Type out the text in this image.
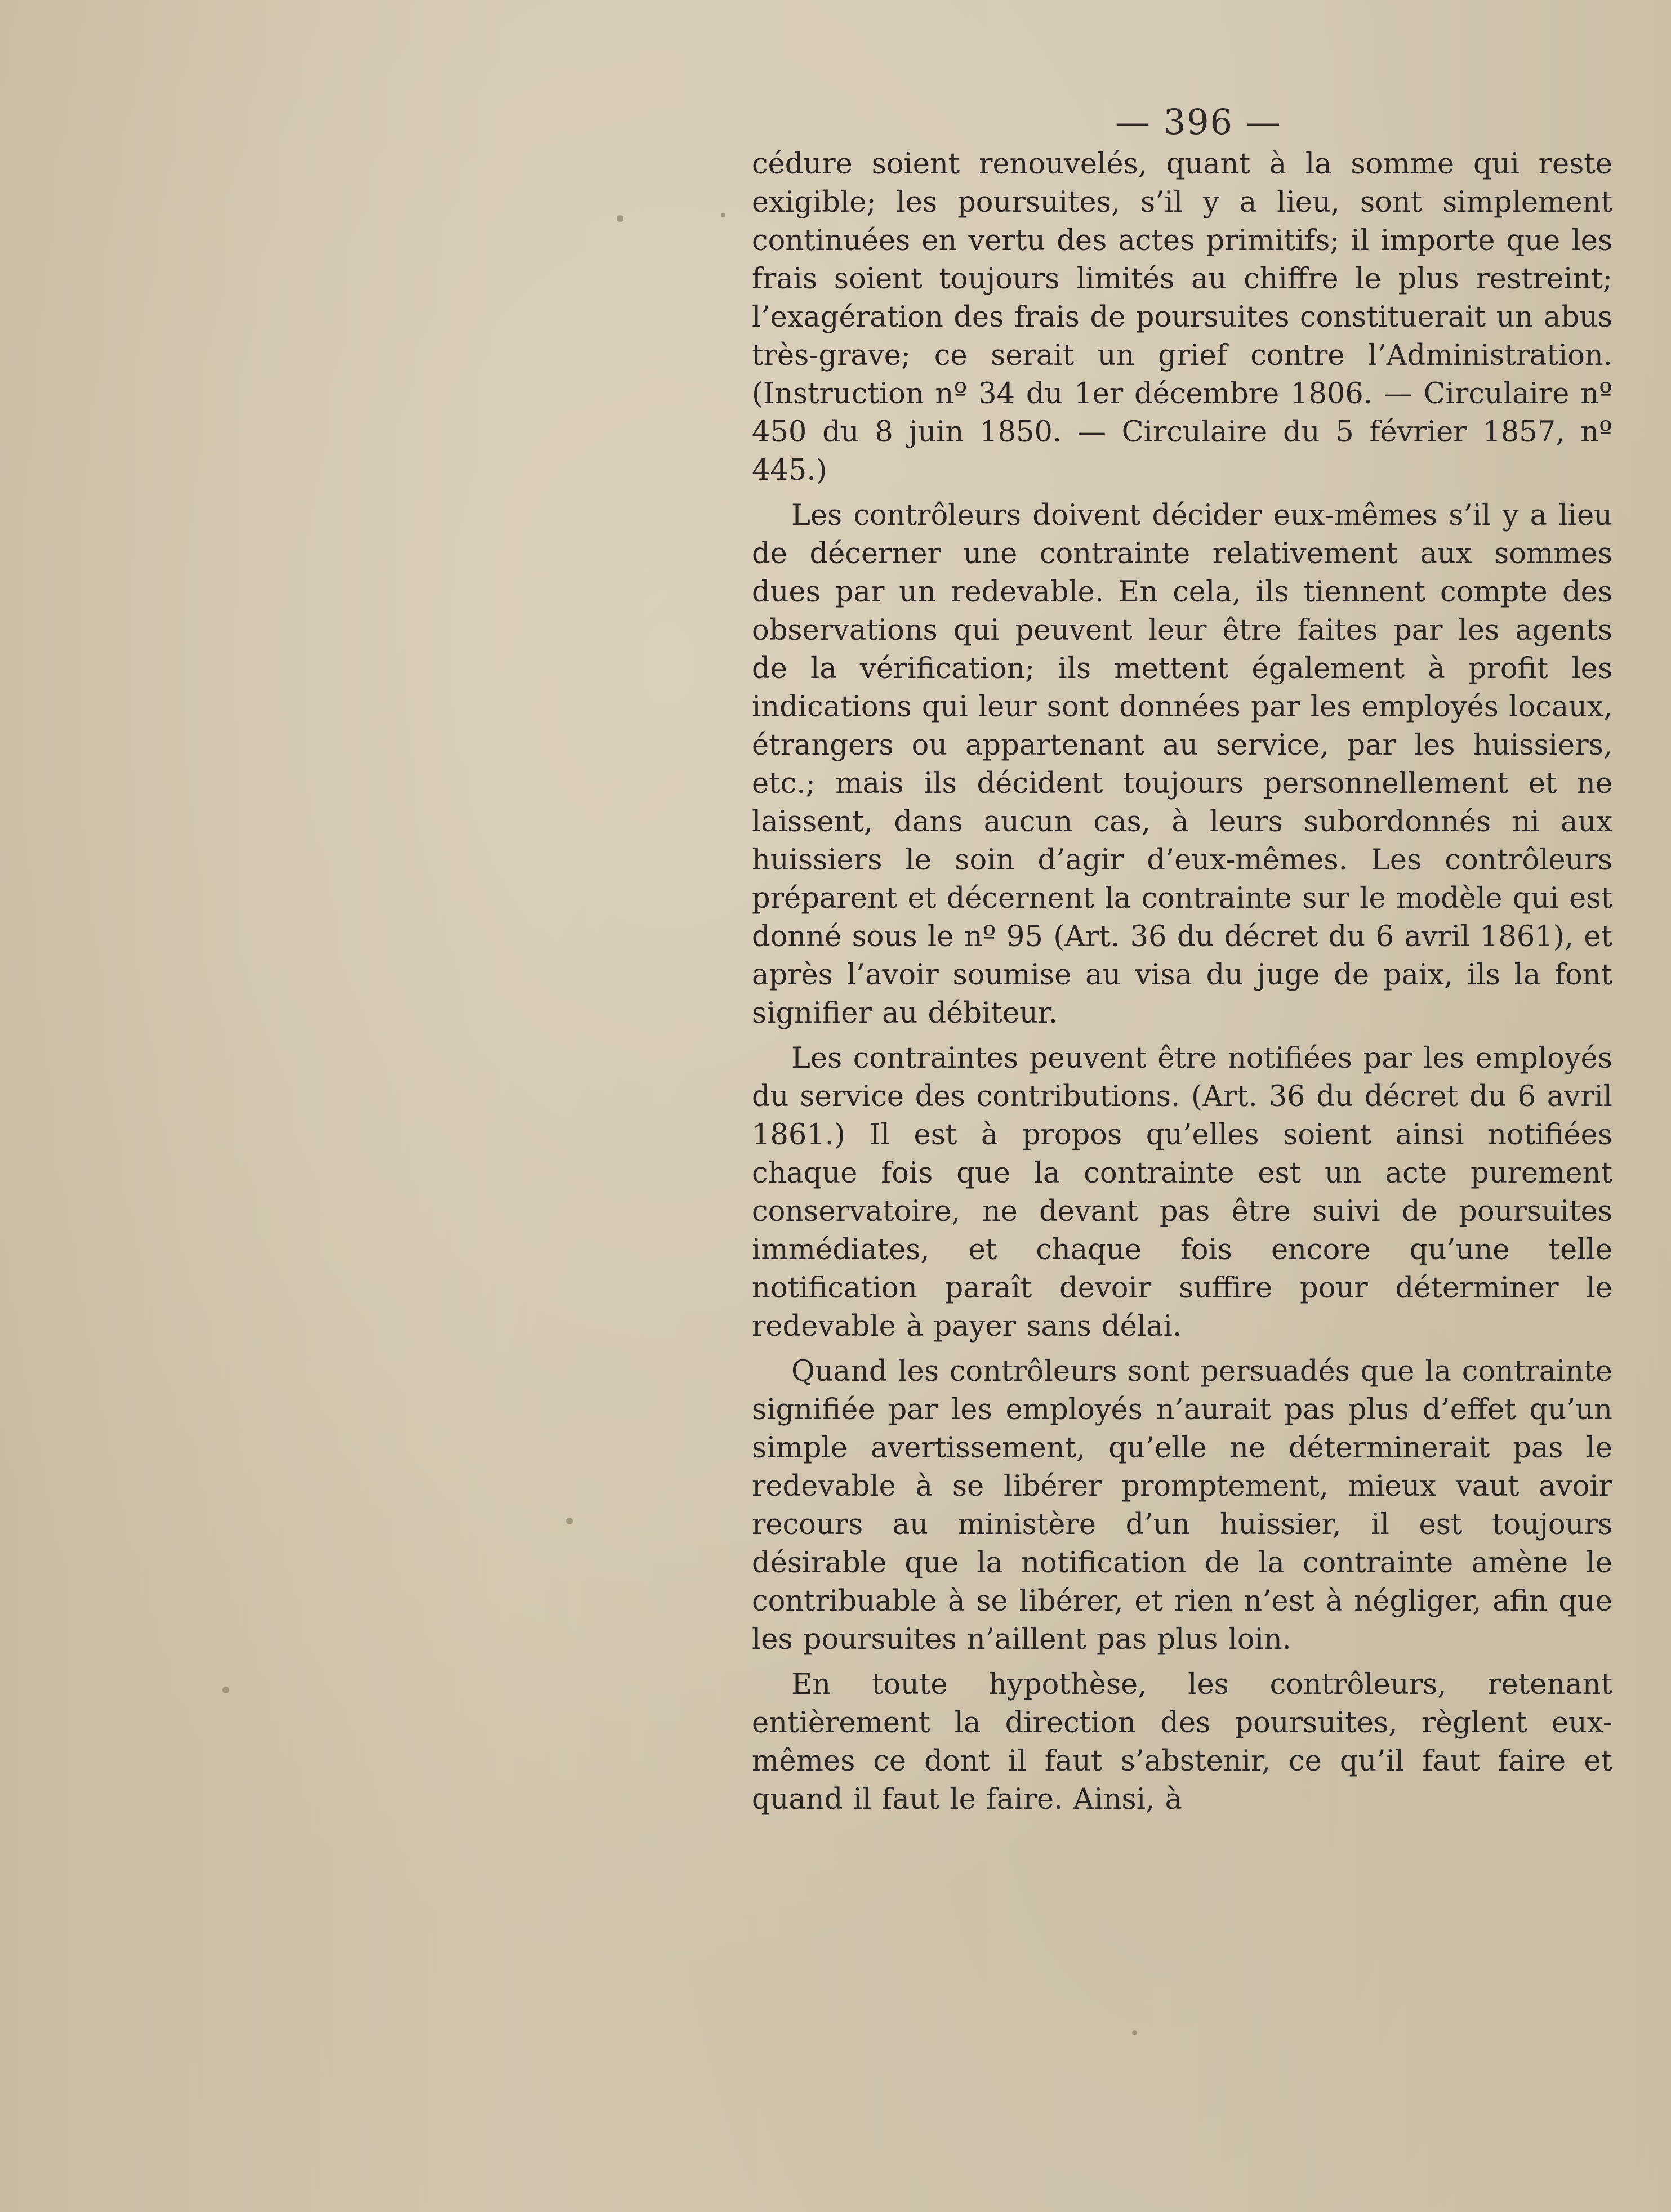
— 396 —

cédure soient renouvelés, quant à la somme qui reste exigible; les poursuites, s’il y a lieu, sont simplement continuées en vertu des actes primitifs; il importe que les frais soient toujours limités au chiffre le plus restreint; l’exagération des frais de poursuites constituerait un abus très-grave; ce serait un grief contre l’Administration. (Instruction nº 34 du 1er décembre 1806. — Circulaire nº 450 du 8 juin 1850. — Circulaire du 5 février 1857, nº 445.)

Les contrôleurs doivent décider eux-mêmes s’il y a lieu de décerner une contrainte relativement aux sommes dues par un redevable. En cela, ils tiennent compte des observations qui peuvent leur être faites par les agents de la vérification; ils mettent également à profit les indications qui leur sont données par les employés locaux, étrangers ou appartenant au service, par les huissiers, etc.; mais ils décident toujours personnellement et ne laissent, dans aucun cas, à leurs subordonnés ni aux huissiers le soin d’agir d’eux-mêmes. Les contrôleurs préparent et décernent la contrainte sur le modèle qui est donné sous le nº 95 (Art. 36 du décret du 6 avril 1861), et après l’avoir soumise au visa du juge de paix, ils la font signifier au débiteur.

Les contraintes peuvent être notifiées par les employés du service des contributions. (Art. 36 du décret du 6 avril 1861.) Il est à propos qu’elles soient ainsi notifiées chaque fois que la contrainte est un acte purement conservatoire, ne devant pas être suivi de poursuites immédiates, et chaque fois encore qu’une telle notification paraît devoir suffire pour déterminer le redevable à payer sans délai.

Quand les contrôleurs sont persuadés que la contrainte signifiée par les employés n’aurait pas plus d’effet qu’un simple avertissement, qu’elle ne déterminerait pas le redevable à se libérer promptement, mieux vaut avoir recours au ministère d’un huissier, il est toujours désirable que la notification de la contrainte amène le contribuable à se libérer, et rien n’est à négliger, afin que les poursuites n’aillent pas plus loin.

En toute hypothèse, les contrôleurs, retenant entièrement la direction des poursuites, règlent eux-mêmes ce dont il faut s’abstenir, ce qu’il faut faire et quand il faut le faire. Ainsi, à
